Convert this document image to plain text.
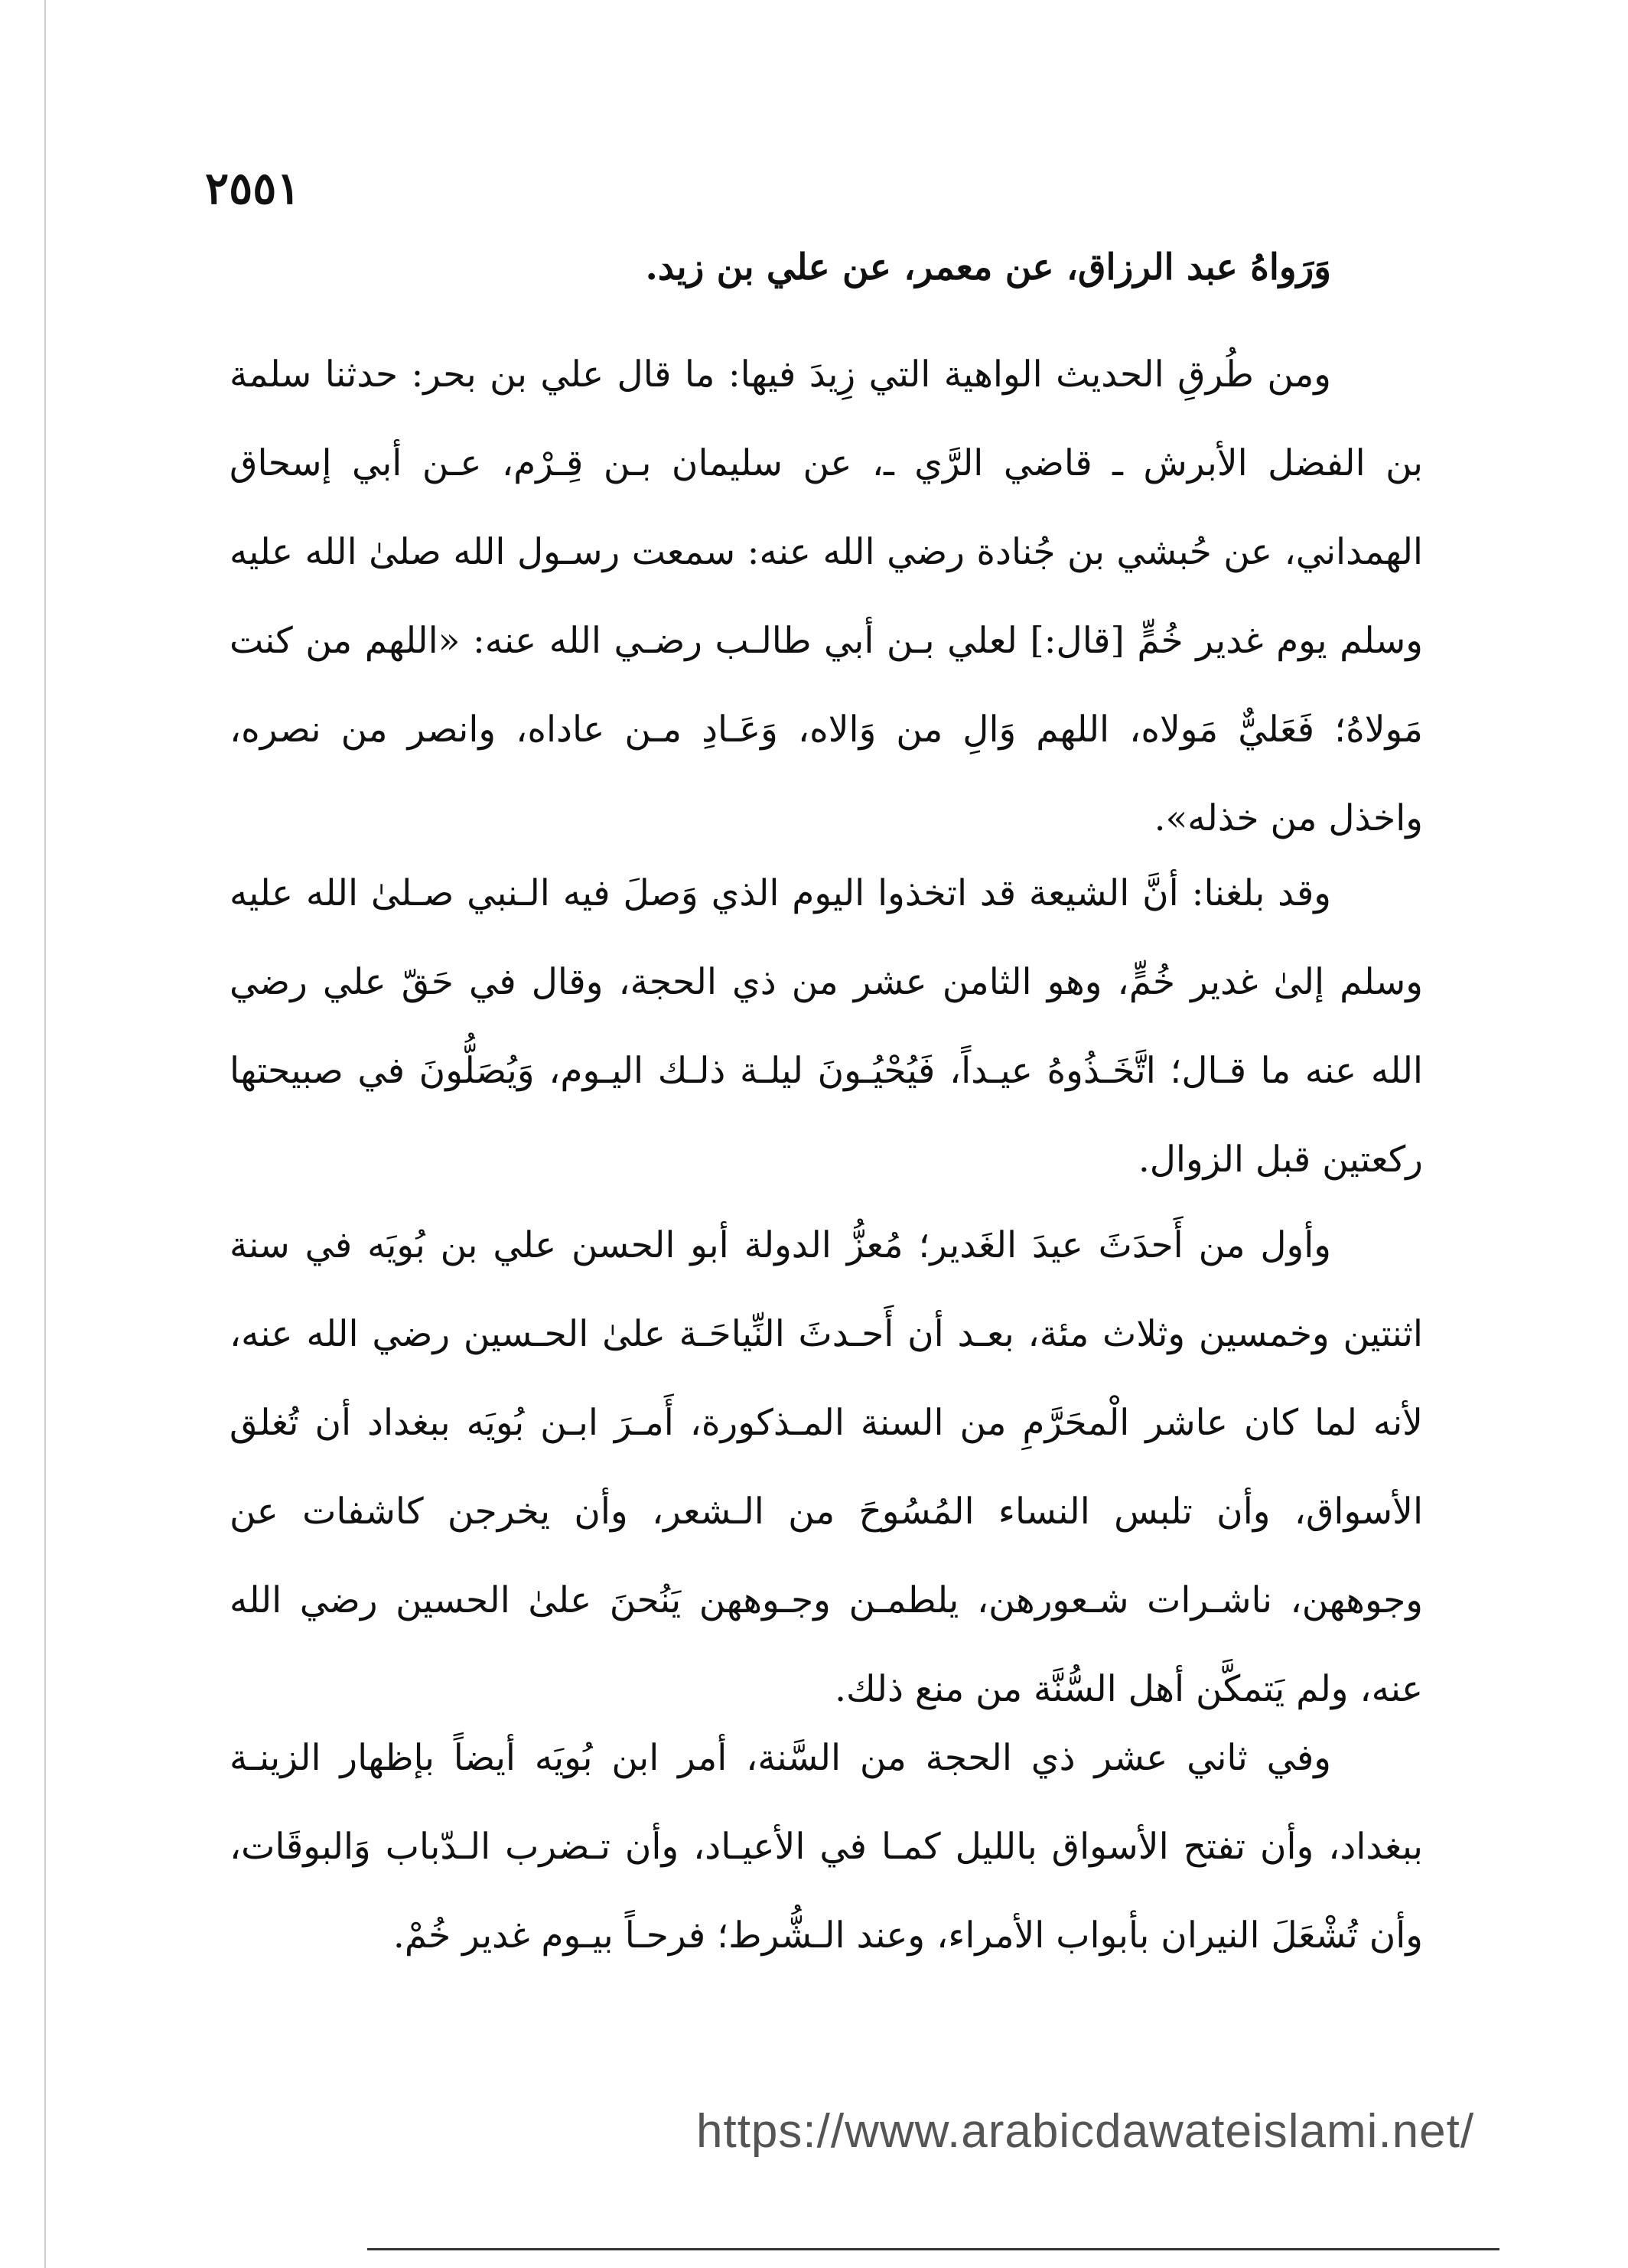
٢٥٥١

وَرَواهُ عبد الرزاق، عن معمر، عن علي بن زيد.

ومن طُرقِ الحديث الواهية التي زِيدَ فيها: ما قال علي بن بحر: حدثنا سلمة بن الفضل الأبرش ـ قاضي الرَّي ـ، عن سليمان بـن قِـرْم، عـن أبي إسحاق الهمداني، عن حُبشي بن جُنادة رضي الله عنه: سمعت رسـول الله صلىٰ الله عليه وسلم يوم غدير خُمٍّ [قال:] لعلي بـن أبي طالـب رضـي الله عنه: «اللهم من كنت مَولاهُ؛ فَعَليٌّ مَولاه، اللهم وَالِ من وَالاه، وَعَـادِ مـن عاداه، وانصر من نصره، واخذل من خذله».

وقد بلغنا: أنَّ الشيعة قد اتخذوا اليوم الذي وَصلَ فيه الـنبي صـلىٰ الله عليه وسلم إلىٰ غدير خُمٍّ، وهو الثامن عشر من ذي الحجة، وقال في حَقّ علي رضي الله عنه ما قـال؛ اتَّخَـذُوهُ عيـداً، فَيُحْيُـونَ ليلـة ذلـك اليـوم، وَيُصَلُّونَ في صبيحتها ركعتين قبل الزوال.

وأول من أَحدَثَ عيدَ الغَدير؛ مُعزُّ الدولة أبو الحسن علي بن بُويَه في سنة اثنتين وخمسين وثلاث مئة، بعـد أن أَحـدثَ النِّياحَـة علىٰ الحـسين رضي الله عنه، لأنه لما كان عاشر الْمحَرَّمِ من السنة المـذكورة، أَمـرَ ابـن بُويَه ببغداد أن تُغلق الأسواق، وأن تلبس النساء المُسُوحَ من الـشعر، وأن يخرجن كاشفات عن وجوههن، ناشـرات شـعورهن، يلطمـن وجـوههن يَنُحنَ علىٰ الحسين رضي الله عنه، ولم يَتمكَّن أهل السُّنَّة من منع ذلك.

وفي ثاني عشر ذي الحجة من السَّنة، أمر ابن بُويَه أيضاً بإظهار الزينـة ببغداد، وأن تفتح الأسواق بالليل كمـا في الأعيـاد، وأن تـضرب الـدّباب وَالبوقَات، وأن تُشْعَلَ النيران بأبواب الأمراء، وعند الـشُّرط؛ فرحـاً بيـوم غدير خُمْ.

https://www.arabicdawateislami.net/
